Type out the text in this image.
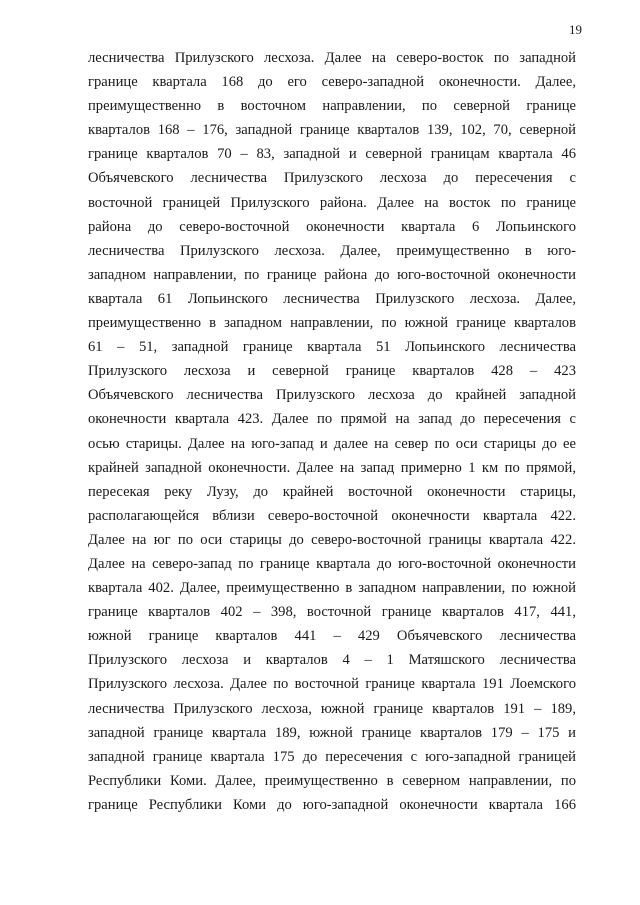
19
лесничества Прилузского лесхоза. Далее на северо-восток по западной
границе квартала 168 до его северо-западной оконечности. Далее,
преимущественно в восточном направлении, по северной границе
кварталов 168 – 176, западной границе кварталов 139, 102, 70, северной
границе кварталов 70 – 83, западной и северной границам квартала 46
Объячевского лесничества Прилузского лесхоза до пересечения с
восточной границей Прилузского района. Далее на восток по границе
района до северо-восточной оконечности квартала 6 Лопьинского
лесничества Прилузского лесхоза. Далее, преимущественно в юго-
западном направлении, по границе района до юго-восточной оконечности
квартала 61 Лопьинского лесничества Прилузского лесхоза. Далее,
преимущественно в западном направлении, по южной границе кварталов
61 – 51, западной границе квартала 51 Лопьинского лесничества
Прилузского лесхоза и северной границе кварталов 428 – 423
Объячевского лесничества Прилузского лесхоза до крайней западной
оконечности квартала 423. Далее по прямой на запад до пересечения с
осью старицы. Далее на юго-запад и далее на север по оси старицы до ее
крайней западной оконечности. Далее на запад примерно 1 км по прямой,
пересекая реку Лузу, до крайней восточной оконечности старицы,
располагающейся вблизи северо-восточной оконечности квартала 422.
Далее на юг по оси старицы до северо-восточной границы квартала 422.
Далее на северо-запад по границе квартала до юго-восточной оконечности
квартала 402. Далее, преимущественно в западном направлении, по южной
границе кварталов 402 – 398, восточной границе кварталов 417, 441,
южной границе кварталов 441 – 429 Объячевского лесничества
Прилузского лесхоза и кварталов 4 – 1 Матяшского лесничества
Прилузского лесхоза. Далее по восточной границе квартала 191 Лоемского
лесничества Прилузского лесхоза, южной границе кварталов 191 – 189,
западной границе квартала 189, южной границе кварталов 179 – 175 и
западной границе квартала 175 до пересечения с юго-западной границей
Республики Коми. Далее, преимущественно в северном направлении, по
границе Республики Коми до юго-западной оконечности квартала 166
